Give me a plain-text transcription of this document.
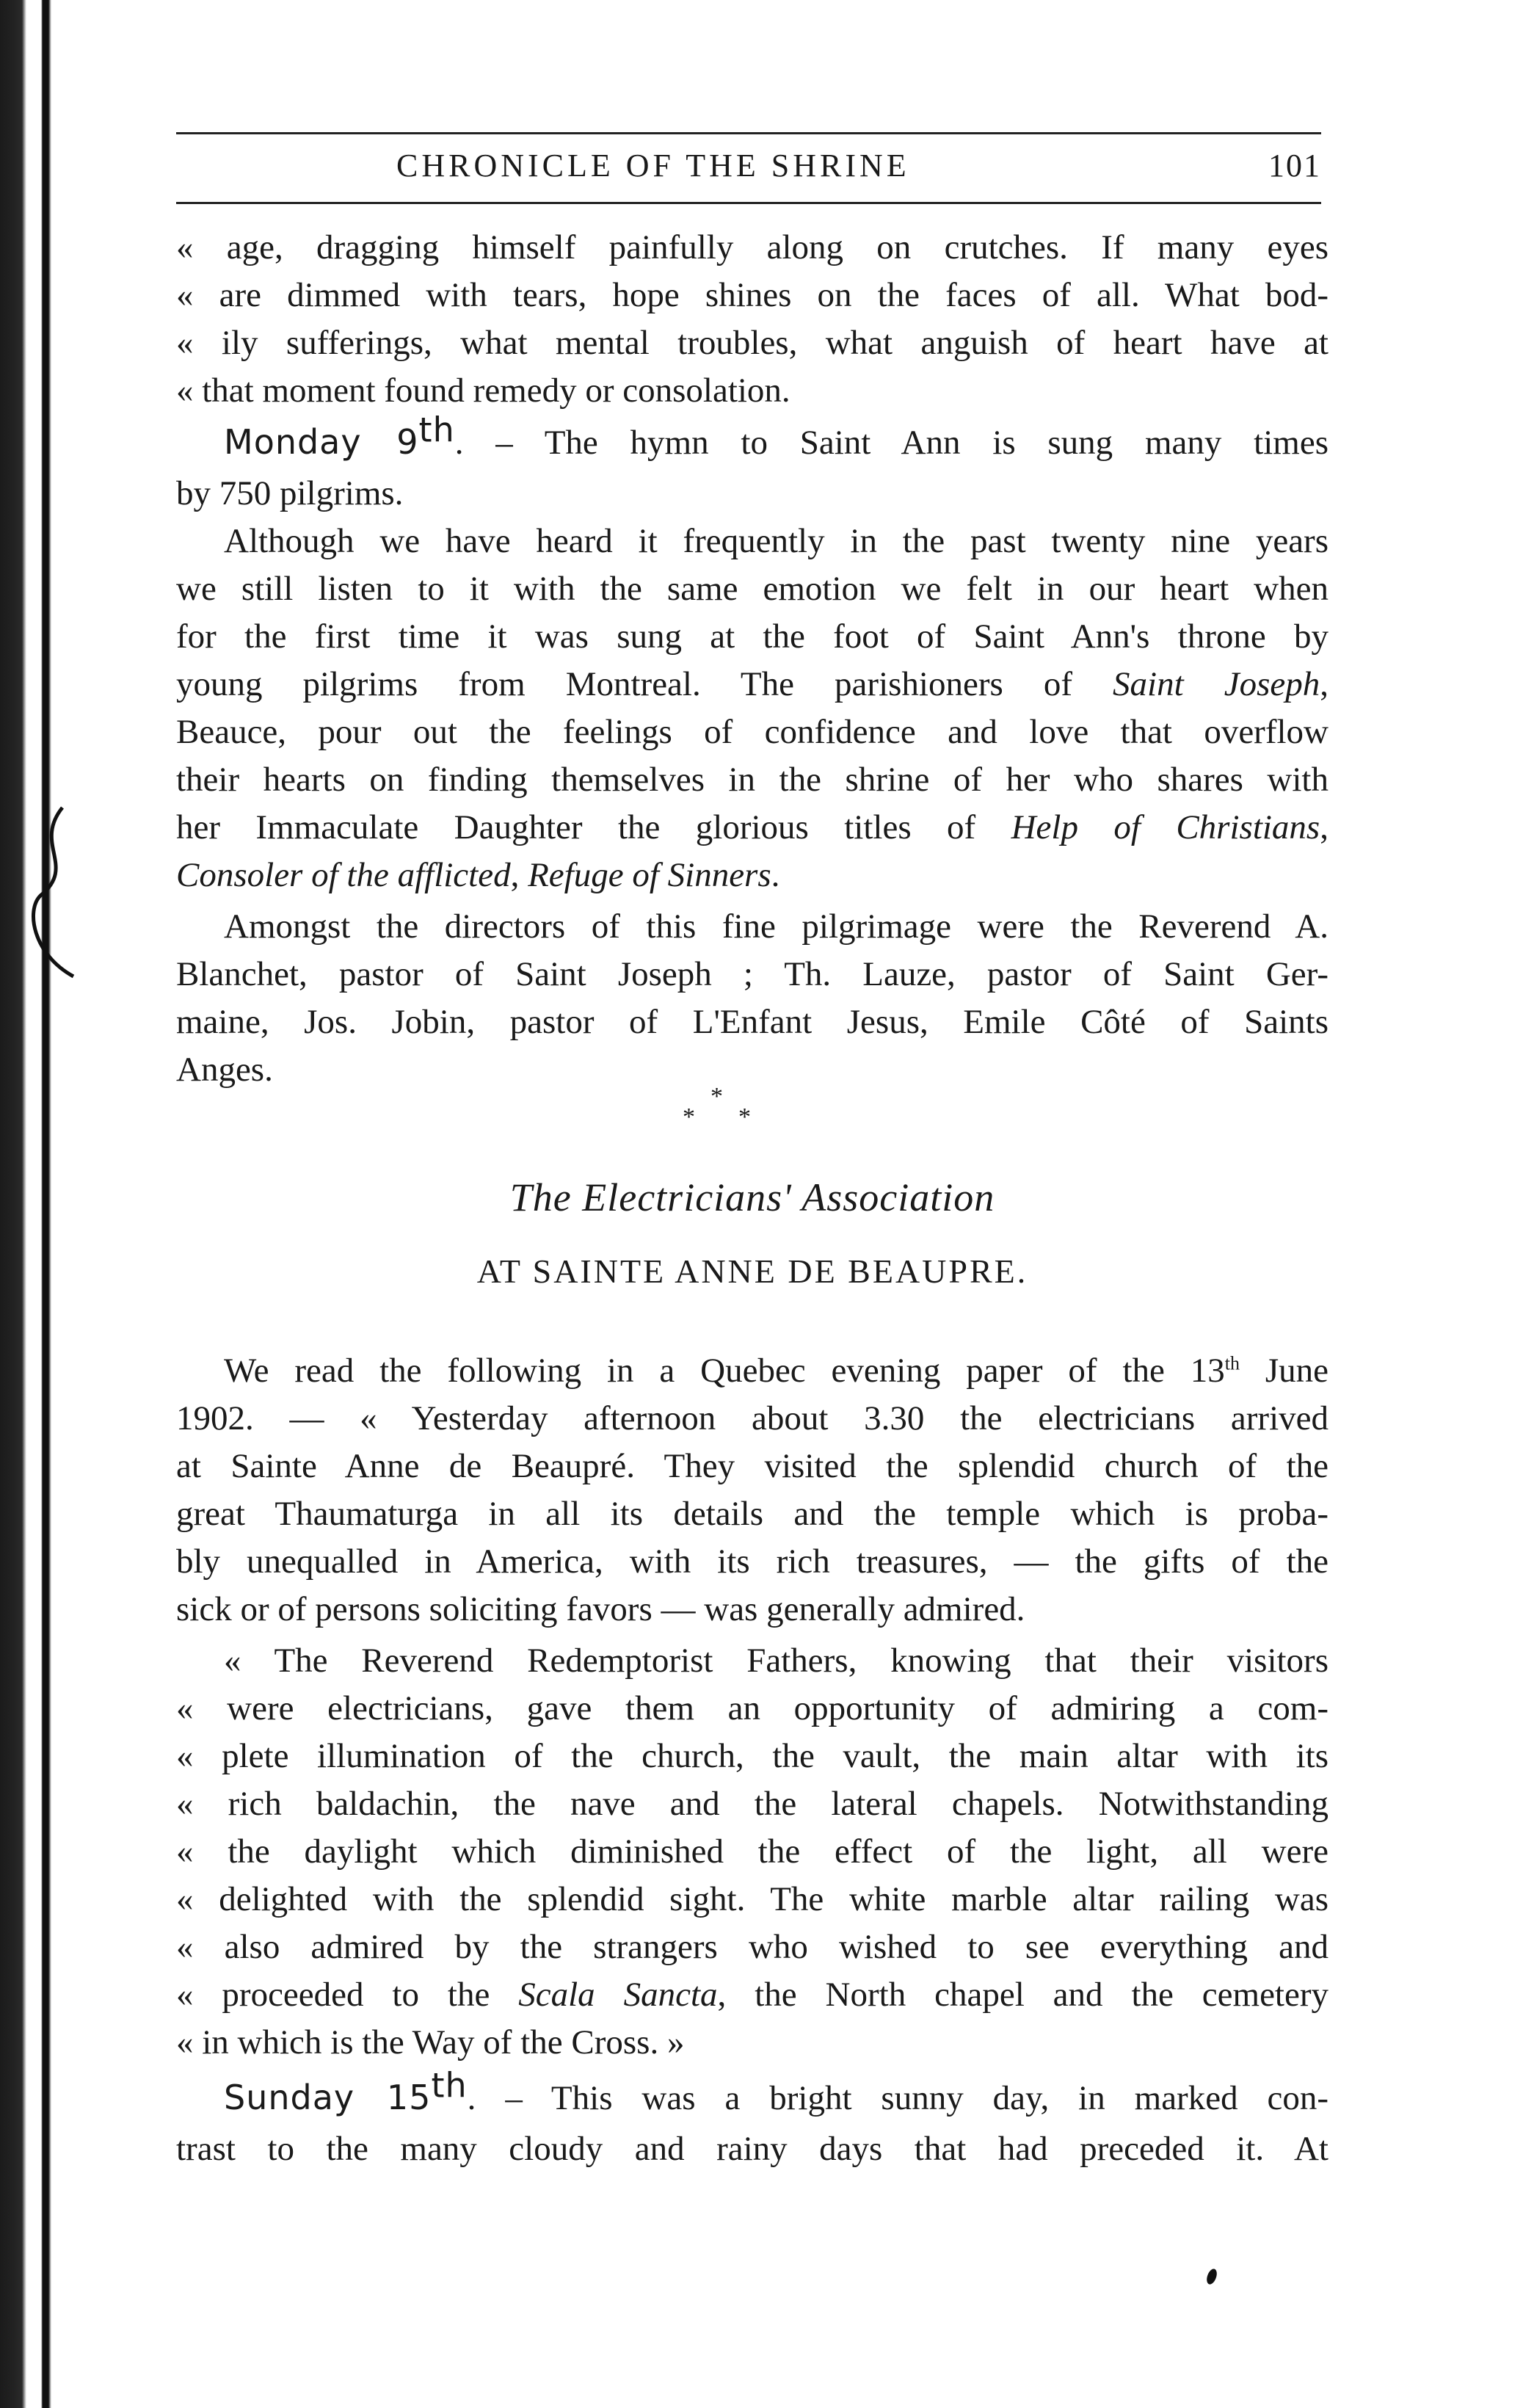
CHRONICLE OF THE SHRINE	101
« age, dragging himself painfully along on crutches. If many eyes
« are dimmed with tears, hope shines on the faces of all. What bod-
« ily sufferings, what mental troubles, what anguish of heart have at
« that moment found remedy or consolation.
Monday 9th. – The hymn to Saint Ann is sung many times
by 750 pilgrims.
Although we have heard it frequently in the past twenty nine years
we still listen to it with the same emotion we felt in our heart when
for the first time it was sung at the foot of Saint Ann's throne by
young pilgrims from Montreal. The parishioners of Saint Joseph,
Beauce, pour out the feelings of confidence and love that overflow
their hearts on finding themselves in the shrine of her who shares with
her Immaculate Daughter the glorious titles of Help of Christians,
Consoler of the afflicted, Refuge of Sinners.
Amongst the directors of this fine pilgrimage were the Reverend A.
Blanchet, pastor of Saint Joseph ; Th. Lauze, pastor of Saint Ger-
maine, Jos. Jobin, pastor of L'Enfant Jesus, Emile Côté of Saints
Anges.
*
* *
The Electricians' Association
AT SAINTE ANNE DE BEAUPRE.
We read the following in a Quebec evening paper of the 13th June
1902. — « Yesterday afternoon about 3.30 the electricians arrived
at Sainte Anne de Beaupré. They visited the splendid church of the
great Thaumaturga in all its details and the temple which is proba-
bly unequalled in America, with its rich treasures, — the gifts of the
sick or of persons soliciting favors — was generally admired.
« The Reverend Redemptorist Fathers, knowing that their visitors
« were electricians, gave them an opportunity of admiring a com-
« plete illumination of the church, the vault, the main altar with its
« rich baldachin, the nave and the lateral chapels. Notwithstanding
« the daylight which diminished the effect of the light, all were
« delighted with the splendid sight. The white marble altar railing was
« also admired by the strangers who wished to see everything and
« proceeded to the Scala Sancta, the North chapel and the cemetery
« in which is the Way of the Cross. »
Sunday 15th. – This was a bright sunny day, in marked con-
trast to the many cloudy and rainy days that had preceded it. At
